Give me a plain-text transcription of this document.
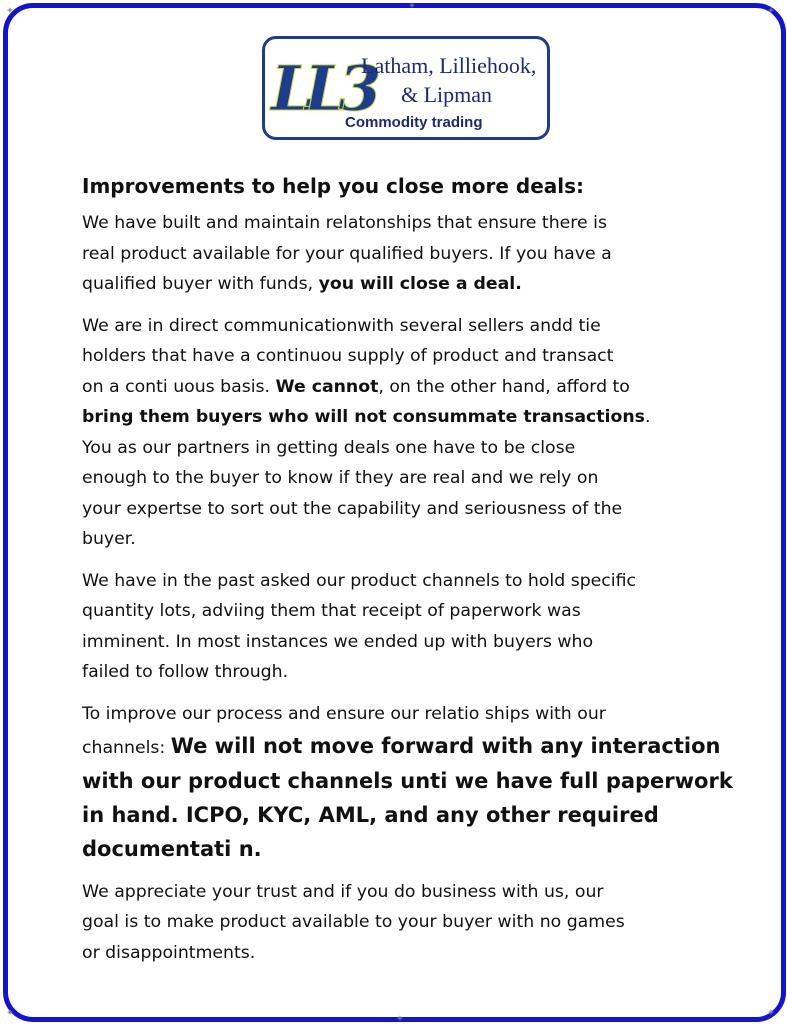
◈
◈	◈
◈	◈
◈
LL3
Latham, Lilliehook,
& Lipman
Commodity trading
Improvements to help you close more deals:
We have built and maintain relatonships that ensure there is
real product available for your qualified buyers. If you have a
qualified buyer with funds, you will close a deal.
We are in direct communicationwith several sellers andd tie
holders that have a continuou supply of product and transact
on a conti uous basis. We cannot, on the other hand, afford to
bring them buyers who will not consummate transactions.
You as our partners in getting deals one have to be close
enough to the buyer to know if they are real and we rely on
your expertse to sort out the capability and seriousness of the
buyer.
We have in the past asked our product channels to hold specific
quantity lots, adviing them that receipt of paperwork was
imminent. In most instances we ended up with buyers who
failed to follow through.
To improve our process and ensure our relatio ships with our
channels: We will not move forward with any interaction
with our product channels unti we have full paperwork
in hand. ICPO, KYC, AML, and any other required
documentati n.
We appreciate your trust and if you do business with us, our
goal is to make product available to your buyer with no games
or disappointments.
